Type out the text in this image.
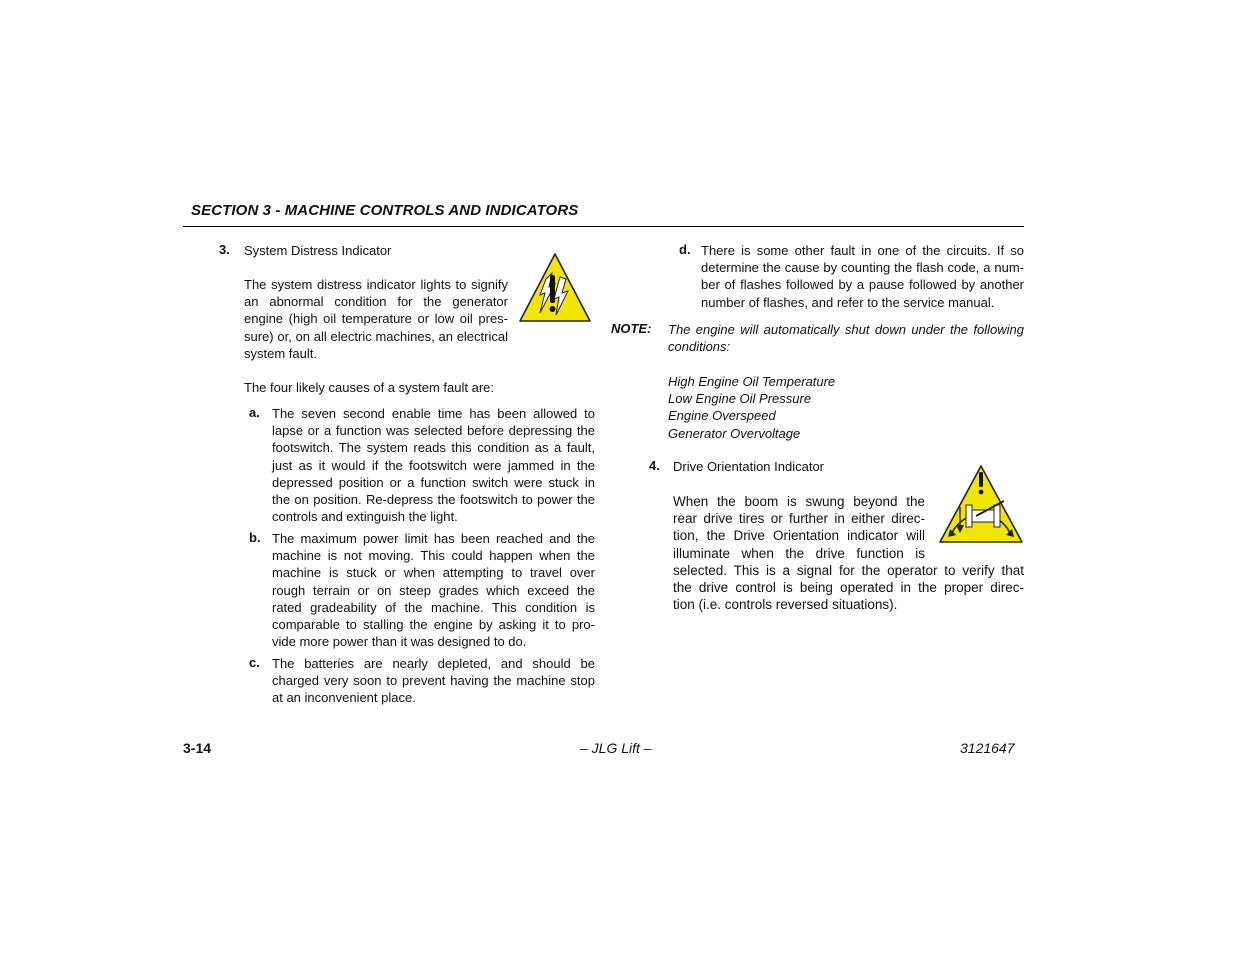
SECTION 3 - MACHINE CONTROLS AND INDICATORS
3. System Distress Indicator
The system distress indicator lights to signify
an abnormal condition for the generator
engine (high oil temperature or low oil pres-
sure) or, on all electric machines, an electrical
system fault.
The four likely causes of a system fault are:
a. The seven second enable time has been allowed to
lapse or a function was selected before depressing the
footswitch. The system reads this condition as a fault,
just as it would if the footswitch were jammed in the
depressed position or a function switch were stuck in
the on position. Re-depress the footswitch to power the
controls and extinguish the light.
b. The maximum power limit has been reached and the
machine is not moving. This could happen when the
machine is stuck or when attempting to travel over
rough terrain or on steep grades which exceed the
rated gradeability of the machine. This condition is
comparable to stalling the engine by asking it to pro-
vide more power than it was designed to do.
c. The batteries are nearly depleted, and should be
charged very soon to prevent having the machine stop
at an inconvenient place.
d. There is some other fault in one of the circuits. If so
determine the cause by counting the flash code, a num-
ber of flashes followed by a pause followed by another
number of flashes, and refer to the service manual.
NOTE: The engine will automatically shut down under the following
conditions:
High Engine Oil Temperature
Low Engine Oil Pressure
Engine Overspeed
Generator Overvoltage
4. Drive Orientation Indicator
When the boom is swung beyond the
rear drive tires or further in either direc-
tion, the Drive Orientation indicator will
illuminate when the drive function is
selected. This is a signal for the operator to verify that
the drive control is being operated in the proper direc-
tion (i.e. controls reversed situations).
3-14	– JLG Lift –	3121647
